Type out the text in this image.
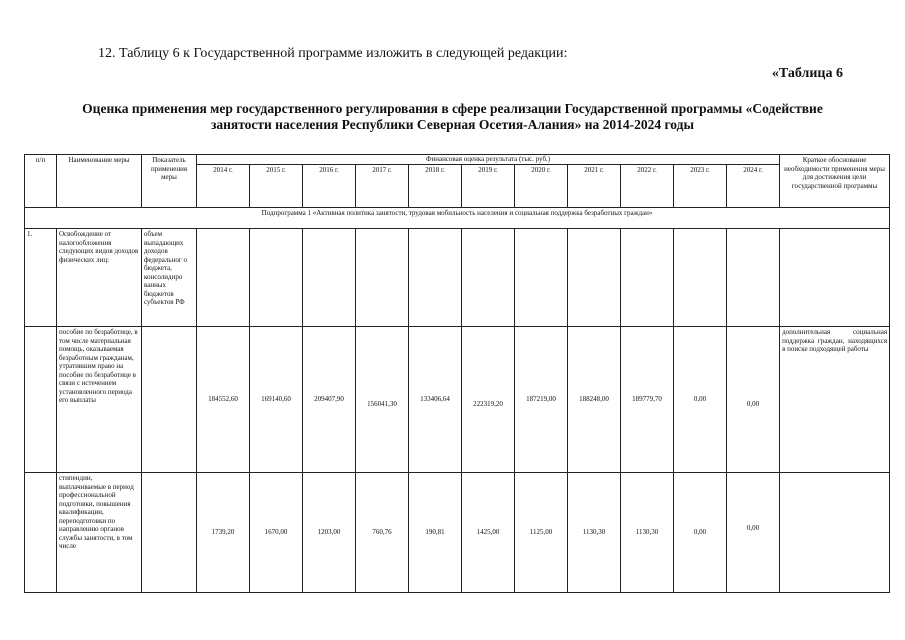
12. Таблицу 6 к Государственной программе изложить в следующей редакции:
«Таблица 6
Оценка применения мер государственного регулирования в сфере реализации Государственной программы «Содействие
занятости населения Республики Северная Осетия-Алания» на 2014-2024 годы
п/п	Наименование меры	Показатель применения меры	Финансовая оценка результата (тыс. руб.)											Краткое обоснование необходимости применения меры для достижения цели государственной программы
			2014 г.	2015 г.	2016 г.	2017 г.	2018 г.	2019 г.	2020 г.	2021 г.	2022 г.	2023 г.	2024 г.	
Подпрограмма 1 «Активная политика занятости, трудовая мобильность населения и социальная поддержка безработных граждан»														
1.	Освобождение от налогообложения следующих видов доходов физических лиц:	объем выпадающих доходов федеральног о бюджета, консолидиро ванных бюджетов субъектов РФ												
	пособие по безработице, в том числе материальная помощь, оказываемая безработным гражданам, утратившим право на пособие по безработице в связи с истечением установленного периода его выплаты		184552,60	169140,60	209407,90	156041,30	133406,64	222319,20	187219,00	188248,00	189779,70	0,00	0,00	дополнительная социальная поддержка граждан, находящихся в поиске подходящей работы
	стипендии, выплачиваемые в период профессиональной подготовки, повышения квалификации, переподготовки по направлению органов службы занятости, в том числе		1739,20	1670,00	1203,00	760,76	190,81	1425,00	1125,00	1130,30	1130,30	0,00	0,00	
